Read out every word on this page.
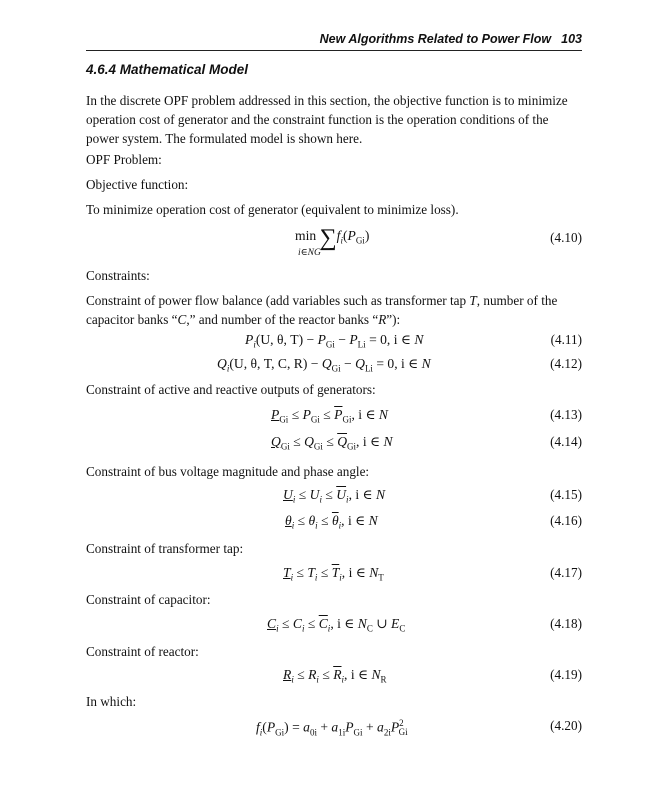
New Algorithms Related to Power Flow 103
4.6.4 Mathematical Model
In the discrete OPF problem addressed in this section, the objective function is to minimize operation cost of generator and the constraint function is the operation conditions of the power system. The formulated model is shown here.
OPF Problem:
Objective function:
To minimize operation cost of generator (equivalent to minimize loss).
$\min \sum f_i(P_{Gi})$
i∈NG
(4.10)
Constraints:
Constraint of power flow balance (add variables such as transformer tap T, number of the capacitor banks “C,” and number of the reactor banks “R”):
$P_i(U$, θ, $T) - P_{Gi} - P_{Li} = 0$, i ∈ N	(4.11)
$Q_i(U$, θ, T, C, $R) - Q_{Gi} - Q_{Li} = 0$, i ∈ N	(4.12)
Constraint of active and reactive outputs of generators:
$P_{Gi} \le P_{Gi} \le \overline{P}_{Gi}$, i ∈ N	(4.13)
$Q_{Gi} \le Q_{Gi} \le \overline{Q}_{Gi}$, i ∈ N	(4.14)
Constraint of bus voltage magnitude and phase angle:
$U_i \le U_i \le \overline{U}_i$, i ∈ N	(4.15)
$\theta_i \le \theta_i \le \overline{\theta}_i$, i ∈ N	(4.16)
Constraint of transformer tap:
$T_i \le T_i \le \overline{T}_i$, i ∈ $N_T$	(4.17)
Constraint of capacitor:
$C_i \le C_i \le \overline{C}_i$, i ∈ $N_C$ ∪ $E_C$	(4.18)
Constraint of reactor:
$R_i \le R_i \le \overline{R}_i$, i ∈ $N_R$	(4.19)
In which:
$f_i(P_{Gi}) = a_{0i} + a_{1i}P_{Gi} + a_{2i}P^2_{Gi}$	(4.20)
